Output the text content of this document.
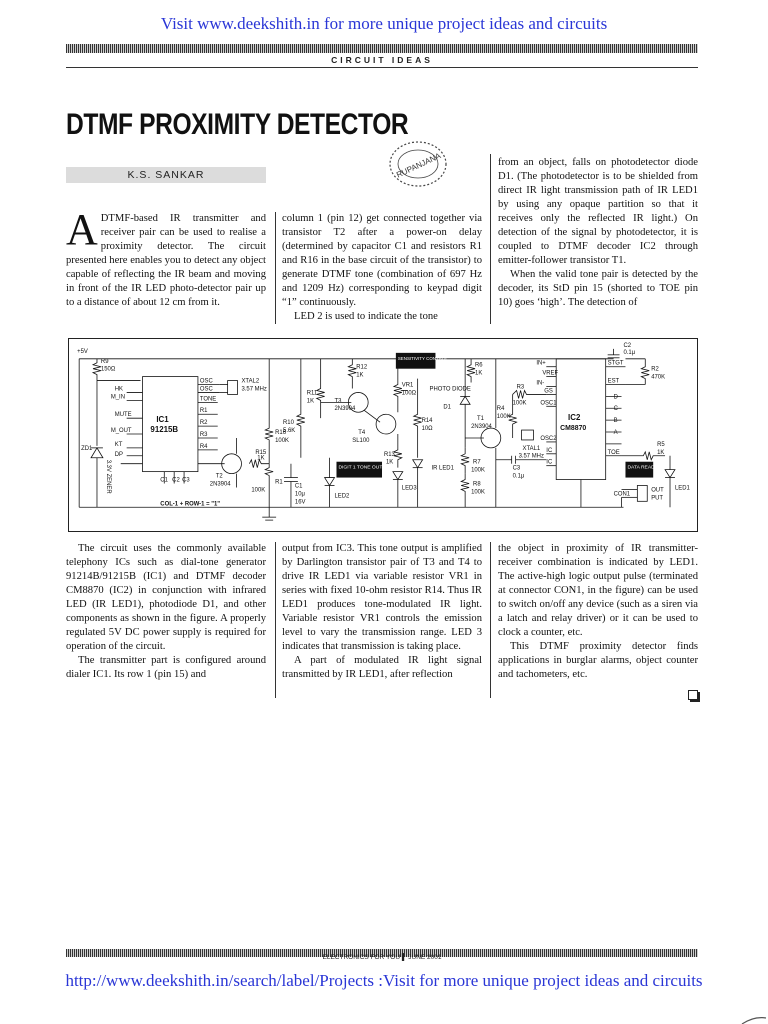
Visit www.deekshith.in for more unique project ideas and circuits
CIRCUIT IDEAS
DTMF PROXIMITY DETECTOR
RUPANJANA
K.S. SANKAR

ADTMF-based IR transmitter and receiver pair can be used to realise a proximity detector. The circuit presented here enables you to detect any object capable of reflecting the IR beam and moving in front of the IR LED photo-detector pair up to a distance of about 12 cm from it.

column 1 (pin 12) get connected together via transistor T2 after a power-on delay (determined by capacitor C1 and resistors R1 and R16 in the base circuit of the transistor) to generate DTMF tone (combination of 697 Hz and 1209 Hz) corresponding to keypad digit “1” continuously.

LED 2 is used to indicate the tone

from an object, falls on photodetector diode D1. (The photodetector is to be shielded from direct IR light transmission path of IR LED1 by using any opaque partition so that it receives only the reflected IR light.) On detection of the signal by photodetector, it is coupled to DTMF decoder IC2 through emitter-follower transistor T1.

When the valid tone pair is detected by the decoder, its StD pin 15 (shorted to TOE pin 10) goes ‘high’. The detection of

+5V
R9
150Ω
HK
M_IN
MUTE
M_OUT
KT
DP
IC1
91215B
OSC
OSC
TONE
R1
R2
R3
R4
C1 C2 C3
XTAL2
3.57 MHz
ZD1
3.3V ZENER	T2
2N3904
R15
1K
R16
100K
R1
100K
R10
5.6K
R11
1K
R12
1K
T3
2N3904
T4
SL100
VR1
100Ω
SENSITIVITY CONTROL
PHOTO DIODE
D1
R14
10Ω
R13
1K
IR LED1
LED3
LED2
DIGIT 1 TONE OUT
C1
10μ
16V
COL-1 + ROW-1 = "1"
R6
1K
T1
2N3904
R7
100K
R8
100K
C3
0.1μ
R4
100K
R3
100K
XTAL1
3.57 MHz
IN+
IN-
VREF
GS
OSC1
OSC2
IC
IC
IC2
CM8870
STGT
EST
D
C
B
A
TOE
C2
0.1μ
R2
470K
R5
1K
DATA READY
CON1
OUT
PUT
LED1

The circuit uses the commonly available telephony ICs such as dial-tone generator 91214B/91215B (IC1) and DTMF decoder CM8870 (IC2) in conjunction with infrared LED (IR LED1), photodiode D1, and other components as shown in the figure. A properly regulated 5V DC power supply is required for operation of the circuit.

The transmitter part is configured around dialer IC1. Its row 1 (pin 15) and

output from IC3. This tone output is amplified by Darlington transistor pair of T3 and T4 to drive IR LED1 via variable resistor VR1 in series with fixed 10-ohm resistor R14. Thus IR LED1 produces tone-modulated IR light. Variable resistor VR1 controls the emission level to vary the transmission range. LED 3 indicates that transmission is taking place.

A part of modulated IR light signal transmitted by IR LED1, after reflection

the object in proximity of IR transmitter-receiver combination is indicated by LED1. The active-high logic output pulse (terminated at connector CON1, in the figure) can be used to switch on/off any device (such as a siren via a latch and relay driver) or it can be used to clock a counter, etc.

This DTMF proximity detector finds applications in burglar alarms, object counter and tachometers, etc.

ELECTRONICS FOR YOU ▌ JUNE 2001
http://www.deekshith.in/search/label/Projects :Visit for more unique project ideas and circuits
